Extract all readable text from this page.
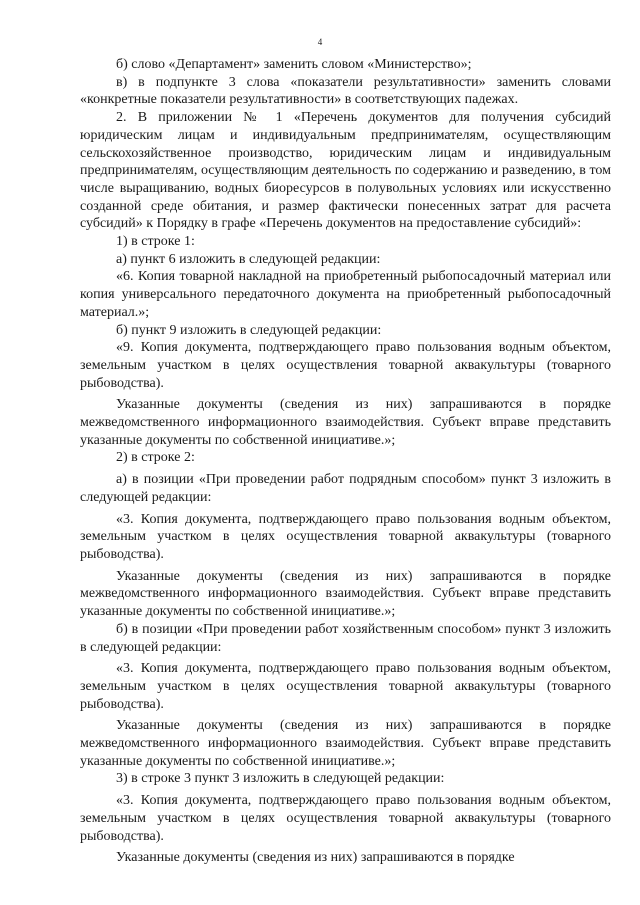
4

б) слово «Департамент» заменить словом «Министерство»;

в) в подпункте 3 слова «показатели результативности» заменить словами «конкретные показатели результативности» в соответствующих падежах.

2. В приложении № 1 «Перечень документов для получения субсидий юридическим лицам и индивидуальным предпринимателям, осуществляющим сельскохозяйственное производство, юридическим лицам и индивидуальным предпринимателям, осуществляющим деятельность по содержанию и разведению, в том числе выращиванию, водных биоресурсов в полувольных условиях или искусственно созданной среде обитания, и размер фактически понесенных затрат для расчета субсидий» к Порядку в графе «Перечень документов на предоставление субсидий»:

1) в строке 1:

а) пункт 6 изложить в следующей редакции:

«6. Копия товарной накладной на приобретенный рыбопосадочный материал или копия универсального передаточного документа на приобретенный рыбопосадочный материал.»;

б) пункт 9 изложить в следующей редакции:

«9. Копия документа, подтверждающего право пользования водным объектом, земельным участком в целях осуществления товарной аквакультуры (товарного рыбоводства).

Указанные документы (сведения из них) запрашиваются в порядке межведомственного информационного взаимодействия. Субъект вправе представить указанные документы по собственной инициативе.»;

2) в строке 2:

а) в позиции «При проведении работ подрядным способом» пункт 3 изложить в следующей редакции:

«3. Копия документа, подтверждающего право пользования водным объектом, земельным участком в целях осуществления товарной аквакультуры (товарного рыбоводства).

Указанные документы (сведения из них) запрашиваются в порядке межведомственного информационного взаимодействия. Субъект вправе представить указанные документы по собственной инициативе.»;

б) в позиции «При проведении работ хозяйственным способом» пункт 3 изложить в следующей редакции:

«3. Копия документа, подтверждающего право пользования водным объектом, земельным участком в целях осуществления товарной аквакультуры (товарного рыбоводства).

Указанные документы (сведения из них) запрашиваются в порядке межведомственного информационного взаимодействия. Субъект вправе представить указанные документы по собственной инициативе.»;

3) в строке 3 пункт 3 изложить в следующей редакции:

«3. Копия документа, подтверждающего право пользования водным объектом, земельным участком в целях осуществления товарной аквакультуры (товарного рыбоводства).

Указанные документы (сведения из них) запрашиваются в порядке
